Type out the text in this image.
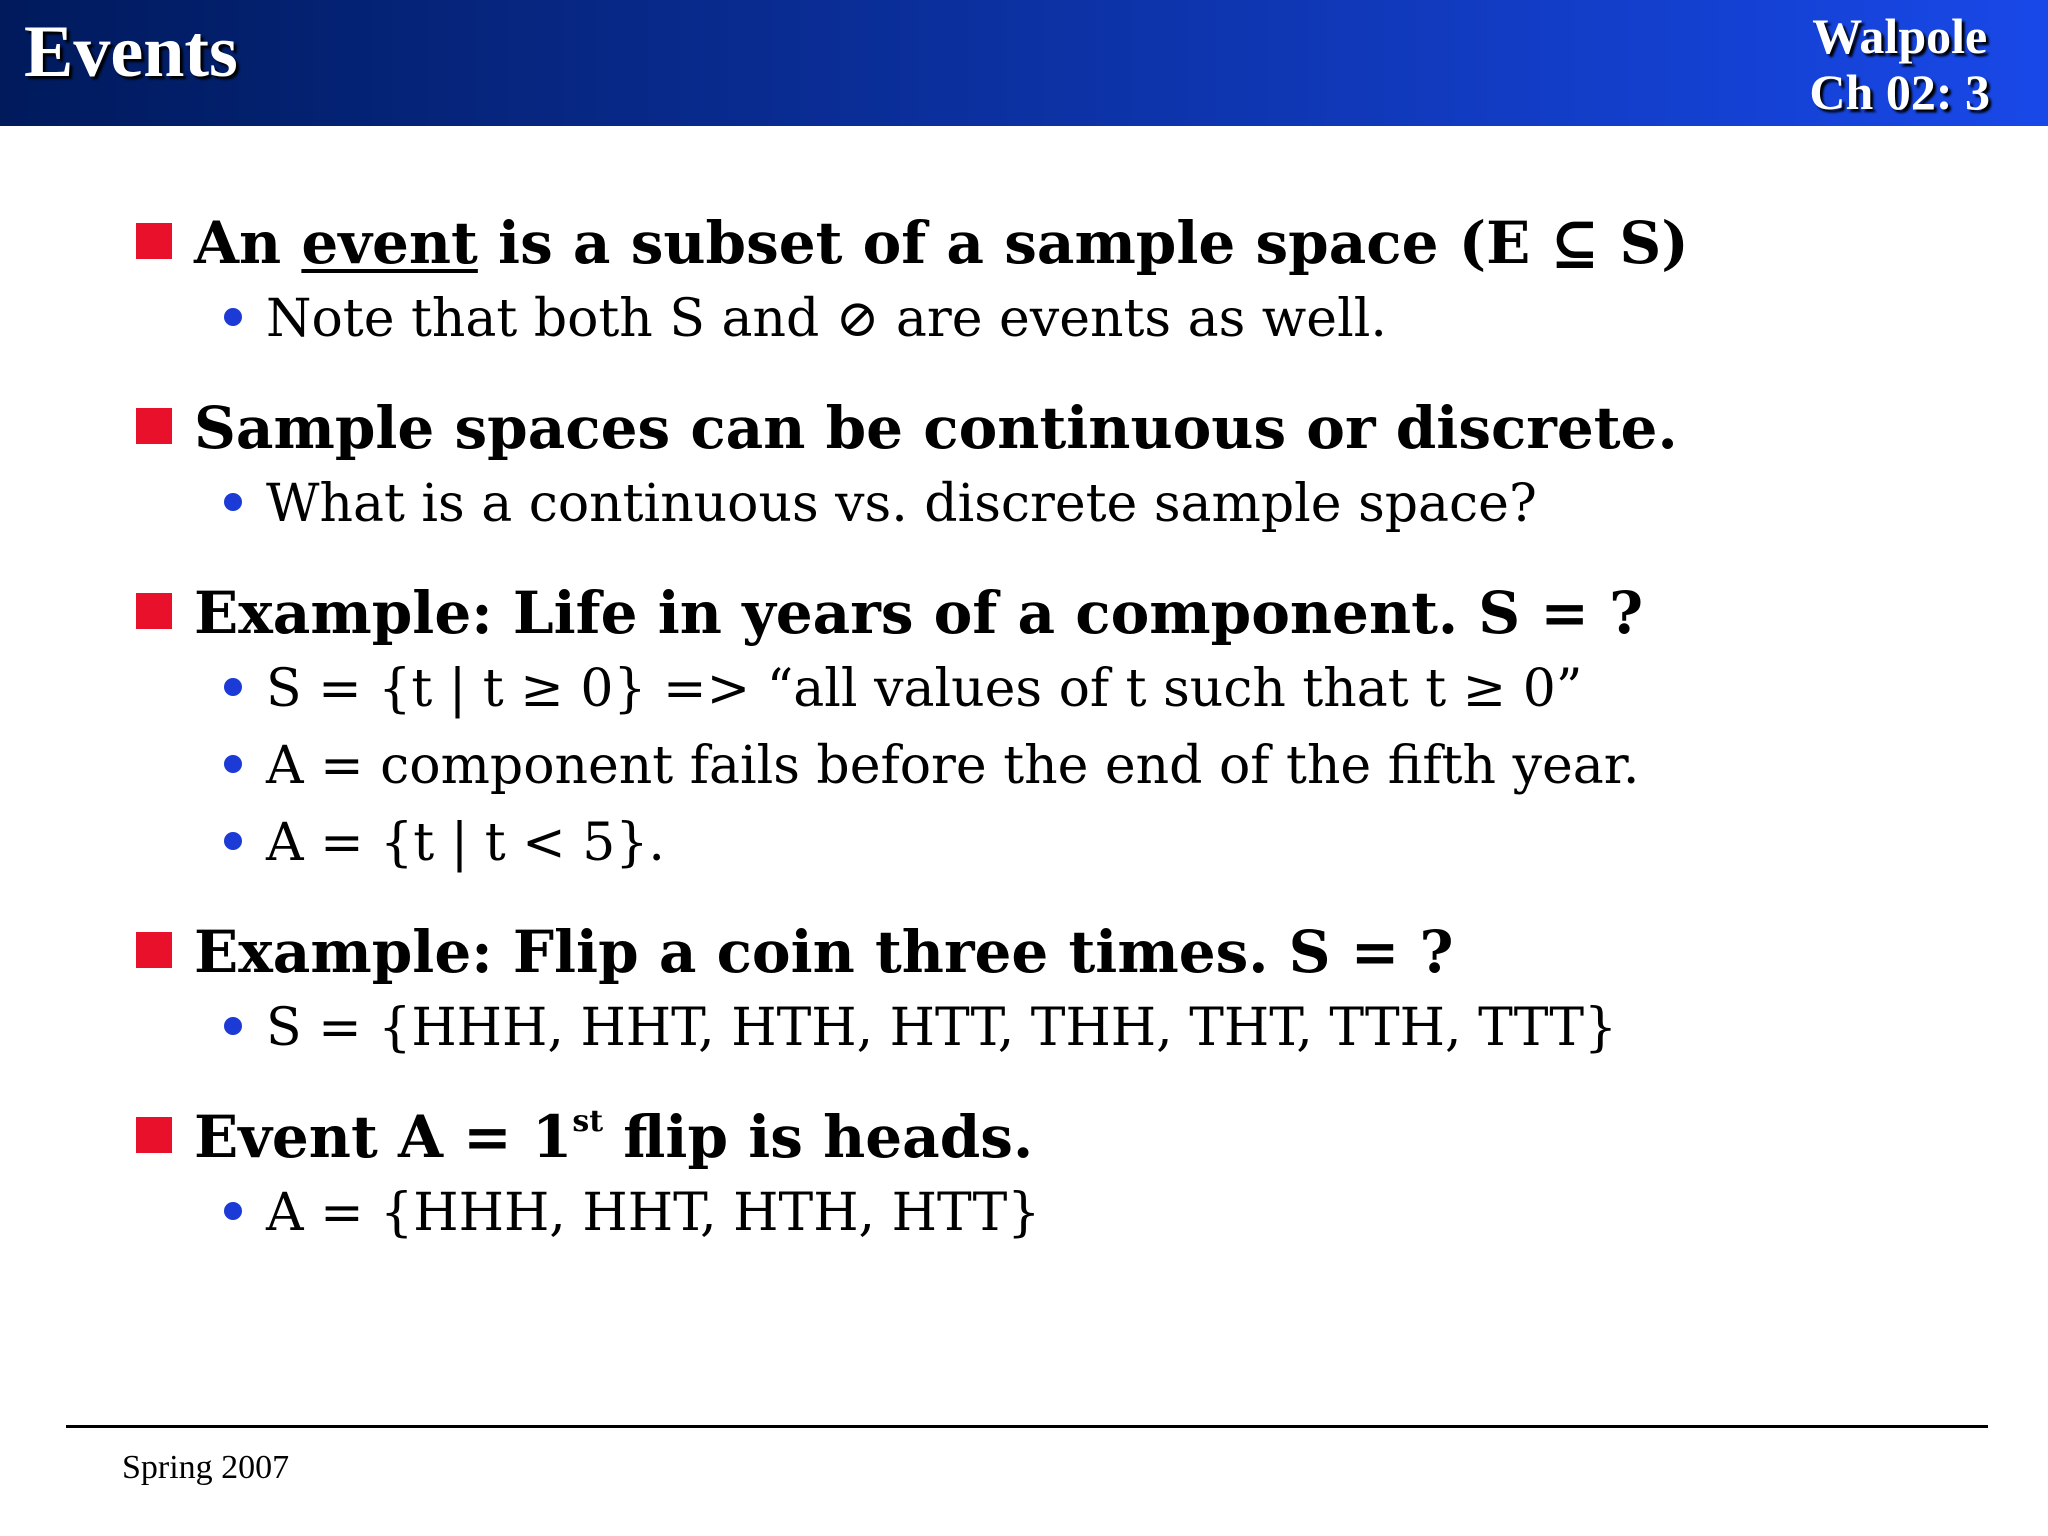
Events	Walpole
Ch 02: 3
An event is a subset of a sample space (E ⊆ S)
Note that both S and ⊘ are events as well.
Sample spaces can be continuous or discrete.
What is a continuous vs. discrete sample space?
Example: Life in years of a component. S = ?
S = {t | t ≥ 0} => “all values of t such that t ≥ 0”
A = component fails before the end of the fifth year.
A = {t | t < 5}.
Example: Flip a coin three times. S = ?
S = {HHH, HHT, HTH, HTT, THH, THT, TTH, TTT}
Event A = 1st flip is heads.
A = {HHH, HHT, HTH, HTT}
Spring 2007
